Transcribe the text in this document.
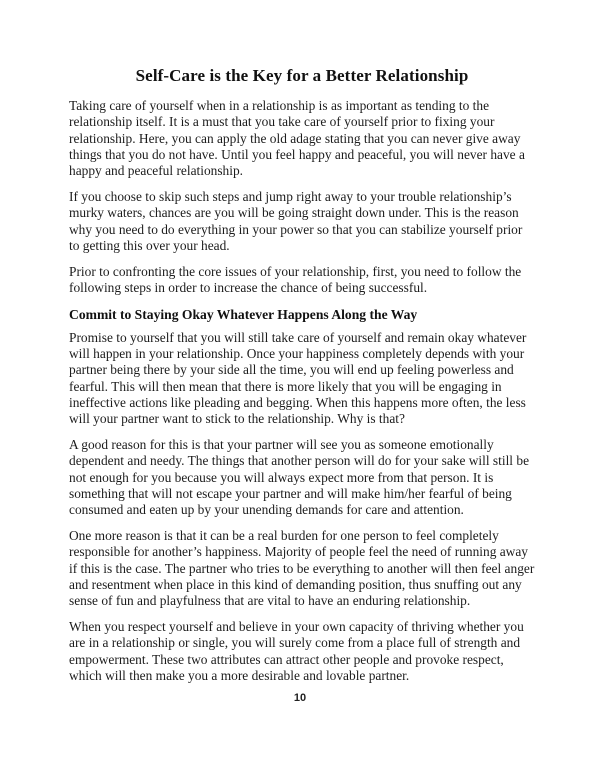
Self-Care is the Key for a Better Relationship

Taking care of yourself when in a relationship is as important as tending to the relationship itself. It is a must that you take care of yourself prior to fixing your relationship. Here, you can apply the old adage stating that you can never give away things that you do not have. Until you feel happy and peaceful, you will never have a happy and peaceful relationship.

If you choose to skip such steps and jump right away to your trouble relationship’s murky waters, chances are you will be going straight down under. This is the reason why you need to do everything in your power so that you can stabilize yourself prior to getting this over your head.

Prior to confronting the core issues of your relationship, first, you need to follow the following steps in order to increase the chance of being successful.

Commit to Staying Okay Whatever Happens Along the Way

Promise to yourself that you will still take care of yourself and remain okay whatever will happen in your relationship. Once your happiness completely depends with your partner being there by your side all the time, you will end up feeling powerless and fearful. This will then mean that there is more likely that you will be engaging in ineffective actions like pleading and begging. When this happens more often, the less will your partner want to stick to the relationship. Why is that?

A good reason for this is that your partner will see you as someone emotionally dependent and needy. The things that another person will do for your sake will still be not enough for you because you will always expect more from that person. It is something that will not escape your partner and will make him/her fearful of being consumed and eaten up by your unending demands for care and attention.

One more reason is that it can be a real burden for one person to feel completely responsible for another’s happiness. Majority of people feel the need of running away if this is the case. The partner who tries to be everything to another will then feel anger and resentment when place in this kind of demanding position, thus snuffing out any sense of fun and playfulness that are vital to have an enduring relationship.

When you respect yourself and believe in your own capacity of thriving whether you are in a relationship or single, you will surely come from a place full of strength and empowerment. These two attributes can attract other people and provoke respect, which will then make you a more desirable and lovable partner.

10
